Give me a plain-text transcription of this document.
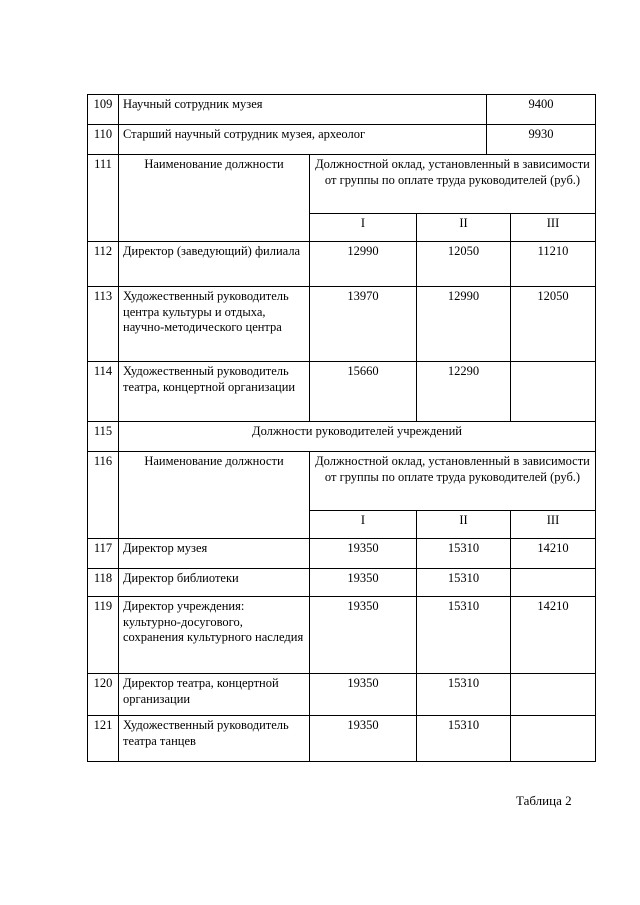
109	Научный сотрудник музея			9400	
110	Старший научный сотрудник музея, археолог			9930	
111	Наименование должности	Должностной оклад, установленный в зависимости от группы по оплате труда руководителей (руб.)			
		I	II		III
112	Директор (заведующий) филиала	12990	12050		11210
113	Художественный руководитель центра культуры и отдыха, научно-методического центра	13970	12990		12050
114	Художественный руководитель театра, концертной организации	15660	12290		
115	Должности руководителей учреждений				
116	Наименование должности	Должностной оклад, установленный в зависимости от группы по оплате труда руководителей (руб.)			
		I	II		III
117	Директор музея	19350	15310		14210
118	Директор библиотеки	19350	15310		
119	Директор учреждения: культурно-досугового, сохранения культурного наследия	19350	15310		14210
120	Директор театра, концертной организации	19350	15310		
121	Художественный руководитель театра танцев	19350	15310		
Таблица 2
